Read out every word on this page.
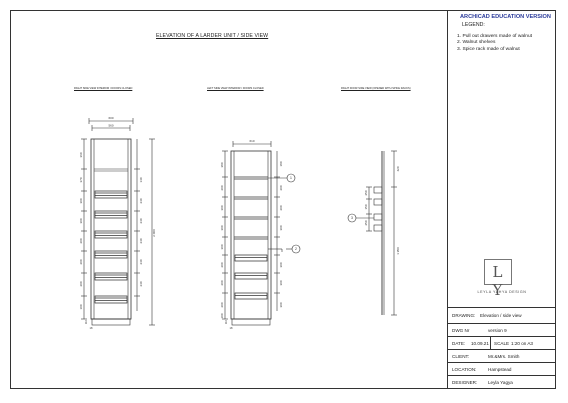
ELEVATION OF A LARDER UNIT / SIDE VIEW
RIGHT SIDE VIEW INTERIOR / DOORS CLOSED	LEFT SIDE VIEW INTERIOR / DOORS CLOSED	RIGHT DOOR SIDE VIEW (OPENED WITH SPICE RACKS)
600
560
2 000
360
370
300
300
200
200
200
100
140
240
240
240
240
240
110
18
610
380
200
300
300
300
200
200
200
100
180
200
200
300
300
300
300
110
18
1
2
420
1 950
250
150
250
3
ARCHICAD EDUCATION VERSION
LEGEND:
1. Pull out drawers made of walnut
2. Walnut shelves
3. Spice rack made of walnut
L Y
LEYLA YAHYA DESIGN
DRAWING: Elevation / side view
DWG Nr	version 9
DATE: 10.09.21	SCALE 1:20 on A3
CLIENT:	Mr.&Mrs. Smith
LOCATION:	Hampstead
DESIGNER: Leyla Yagya
